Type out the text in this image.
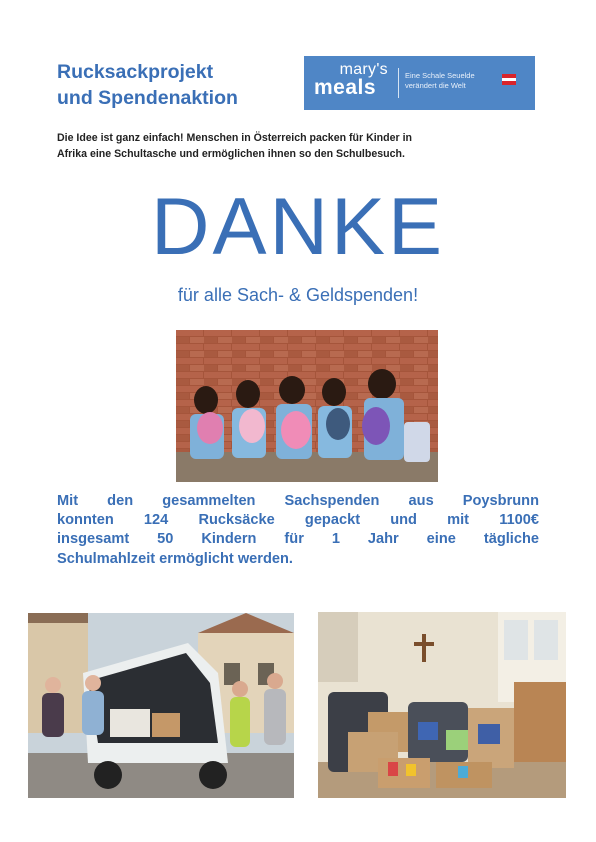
Rucksackprojekt
und Spendenaktion
mary's
meals
Eine Schale Seuelde
verändert die Welt

Die Idee ist ganz einfach! Menschen in Österreich packen für Kinder in
Afrika eine Schultasche und ermöglichen ihnen so den Schulbesuch.

DANKE

für alle Sach- & Geldspenden!

Mit den gesammelten Sachspenden aus Poysbrunn
konnten 124 Rucksäcke gepackt und mit 1100€
insgesamt 50 Kindern für 1 Jahr eine tägliche
Schulmahlzeit ermöglicht werden.
